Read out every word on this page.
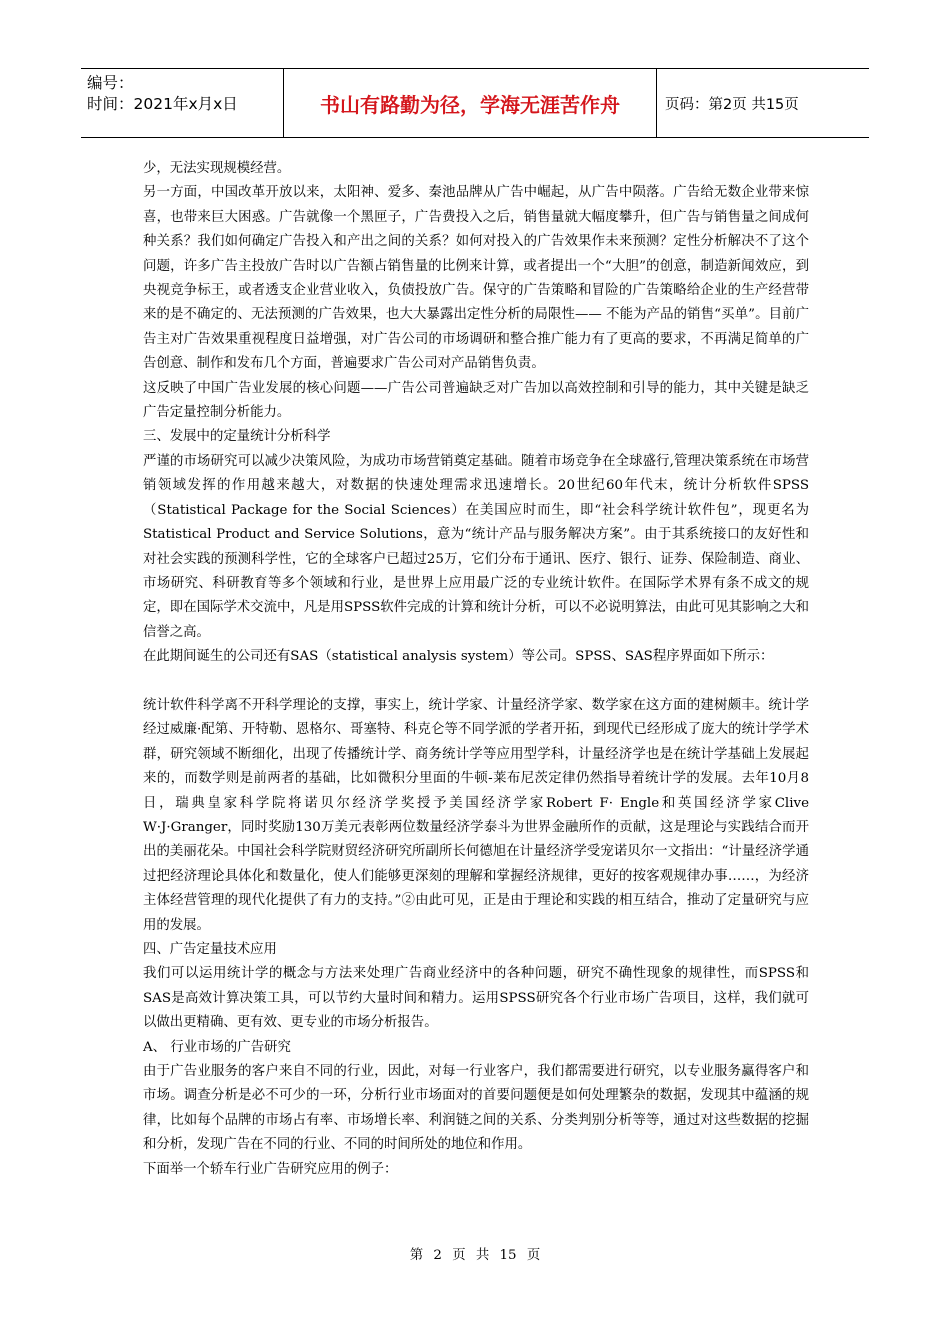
编号：
时间：2021年x月x日	书山有路勤为径，学海无涯苦作舟	页码：第2页 共15页

少，无法实现规模经营。

另一方面，中国改革开放以来，太阳神、爱多、秦池品牌从广告中崛起，从广告中陨落。广告给无数企业带来惊喜，也带来巨大困惑。广告就像一个黑匣子，广告费投入之后，销售量就大幅度攀升，但广告与销售量之间成何种关系？我们如何确定广告投入和产出之间的关系？如何对投入的广告效果作未来预测？定性分析解决不了这个问题，许多广告主投放广告时以广告额占销售量的比例来计算，或者提出一个“大胆”的创意，制造新闻效应，到央视竞争标王，或者透支企业营业收入，负债投放广告。保守的广告策略和冒险的广告策略给企业的生产经营带来的是不确定的、无法预测的广告效果，也大大暴露出定性分析的局限性—— 不能为产品的销售“买单”。目前广告主对广告效果重视程度日益增强，对广告公司的市场调研和整合推广能力有了更高的要求，不再满足简单的广告创意、制作和发布几个方面，普遍要求广告公司对产品销售负责。

这反映了中国广告业发展的核心问题——广告公司普遍缺乏对广告加以高效控制和引导的能力，其中关键是缺乏广告定量控制分析能力。

三、发展中的定量统计分析科学

严谨的市场研究可以减少决策风险，为成功市场营销奠定基础。随着市场竞争在全球盛行,管理决策系统在市场营销领域发挥的作用越来越大，对数据的快速处理需求迅速增长。20世纪60年代末，统计分析软件SPSS（Statistical Package for the Social Sciences）在美国应时而生，即“社会科学统计软件包”，现更名为Statistical Product and Service Solutions，意为“统计产品与服务解决方案”。由于其系统接口的友好性和对社会实践的预测科学性，它的全球客户已超过25万，它们分布于通讯、医疗、银行、证券、保险制造、商业、市场研究、科研教育等多个领域和行业，是世界上应用最广泛的专业统计软件。在国际学术界有条不成文的规定，即在国际学术交流中，凡是用SPSS软件完成的计算和统计分析，可以不必说明算法，由此可见其影响之大和信誉之高。

在此期间诞生的公司还有SAS（statistical analysis system）等公司。SPSS、SAS程序界面如下所示：

统计软件科学离不开科学理论的支撑，事实上，统计学家、计量经济学家、数学家在这方面的建树颇丰。统计学经过威廉·配第、开特勒、恩格尔、哥塞特、科克仑等不同学派的学者开拓，到现代已经形成了庞大的统计学学术群，研究领域不断细化，出现了传播统计学、商务统计学等应用型学科，计量经济学也是在统计学基础上发展起来的，而数学则是前两者的基础，比如微积分里面的牛顿-莱布尼茨定律仍然指导着统计学的发展。去年10月8日，瑞典皇家科学院将诺贝尔经济学奖授予美国经济学家Robert F· Engle和英国经济学家Clive W·J·Granger，同时奖励130万美元表彰两位数量经济学泰斗为世界金融所作的贡献，这是理论与实践结合而开出的美丽花朵。中国社会科学院财贸经济研究所副所长何德旭在计量经济学受宠诺贝尔一文指出：“计量经济学通过把经济理论具体化和数量化，使人们能够更深刻的理解和掌握经济规律，更好的按客观规律办事……，为经济主体经营管理的现代化提供了有力的支持。”②由此可见，正是由于理论和实践的相互结合，推动了定量研究与应用的发展。

四、广告定量技术应用

我们可以运用统计学的概念与方法来处理广告商业经济中的各种问题，研究不确性现象的规律性，而SPSS和SAS是高效计算决策工具，可以节约大量时间和精力。运用SPSS研究各个行业市场广告项目，这样，我们就可以做出更精确、更有效、更专业的市场分析报告。

A、 行业市场的广告研究

由于广告业服务的客户来自不同的行业，因此，对每一行业客户，我们都需要进行研究，以专业服务赢得客户和市场。调查分析是必不可少的一环，分析行业市场面对的首要问题便是如何处理繁杂的数据，发现其中蕴涵的规律，比如每个品牌的市场占有率、市场增长率、利润链之间的关系、分类判别分析等等，通过对这些数据的挖掘和分析，发现广告在不同的行业、不同的时间所处的地位和作用。

下面举一个轿车行业广告研究应用的例子：

第 2 页 共 15 页
